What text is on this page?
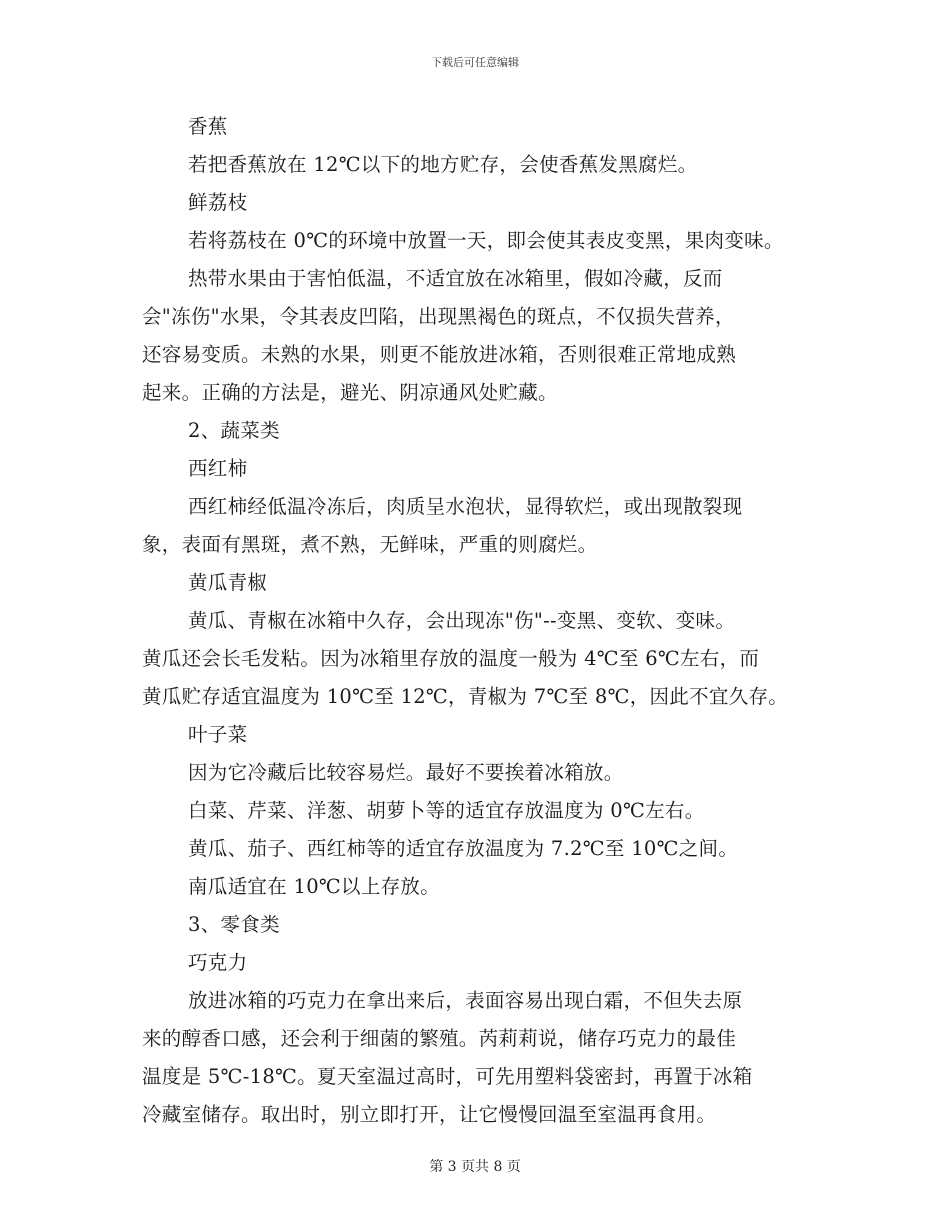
下载后可任意编辑
香蕉
若把香蕉放在 12℃以下的地方贮存，会使香蕉发黑腐烂。
鲜荔枝
若将荔枝在 0℃的环境中放置一天，即会使其表皮变黑，果肉变味。
热带水果由于害怕低温，不适宜放在冰箱里，假如冷藏，反而
会"冻伤"水果，令其表皮凹陷，出现黑褐色的斑点，不仅损失营养，
还容易变质。未熟的水果，则更不能放进冰箱，否则很难正常地成熟
起来。正确的方法是，避光、阴凉通风处贮藏。
2、蔬菜类
西红柿
西红柿经低温冷冻后，肉质呈水泡状，显得软烂，或出现散裂现
象，表面有黑斑，煮不熟，无鲜味，严重的则腐烂。
黄瓜青椒
黄瓜、青椒在冰箱中久存，会出现冻"伤"--变黑、变软、变味。
黄瓜还会长毛发粘。因为冰箱里存放的温度一般为 4℃至 6℃左右，而
黄瓜贮存适宜温度为 10℃至 12℃，青椒为 7℃至 8℃，因此不宜久存。
叶子菜
因为它冷藏后比较容易烂。最好不要挨着冰箱放。
白菜、芹菜、洋葱、胡萝卜等的适宜存放温度为 0℃左右。
黄瓜、茄子、西红柿等的适宜存放温度为 7.2℃至 10℃之间。
南瓜适宜在 10℃以上存放。
3、零食类
巧克力
放进冰箱的巧克力在拿出来后，表面容易出现白霜，不但失去原
来的醇香口感，还会利于细菌的繁殖。芮莉莉说，储存巧克力的最佳
温度是 5℃-18℃。夏天室温过高时，可先用塑料袋密封，再置于冰箱
冷藏室储存。取出时，别立即打开，让它慢慢回温至室温再食用。
第 3 页共 8 页
